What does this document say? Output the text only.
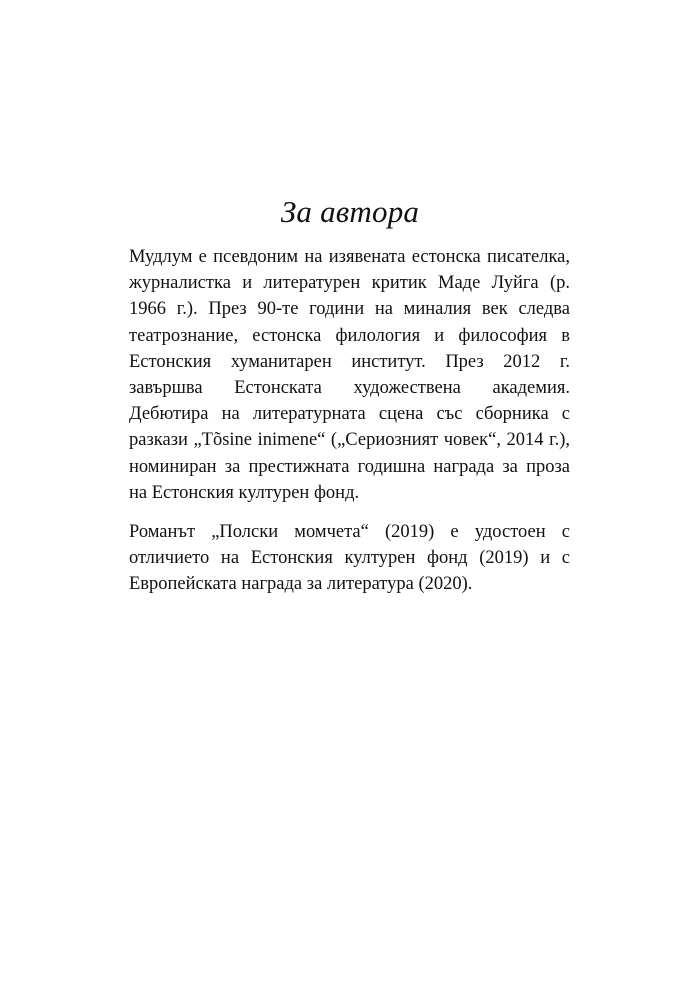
За автора

Мудлум е псевдоним на изявената естонска писателка, журналистка и литературен критик Маде Луйга (р. 1966 г.). През 90-те години на миналия век следва театрознание, естонска филология и философия в Естонския хуманитарен институт. През 2012 г. завършва Естонската художествена академия. Дебютира на литературната сцена със сборника с разкази „Tõsine inimene“ („Сериозният човек“, 2014 г.), номиниран за престижната годишна награда за проза на Естонския културен фонд.

Романът „Полски момчета“ (2019) е удостоен с отличието на Естонския културен фонд (2019) и с Европейската награда за литература (2020).
